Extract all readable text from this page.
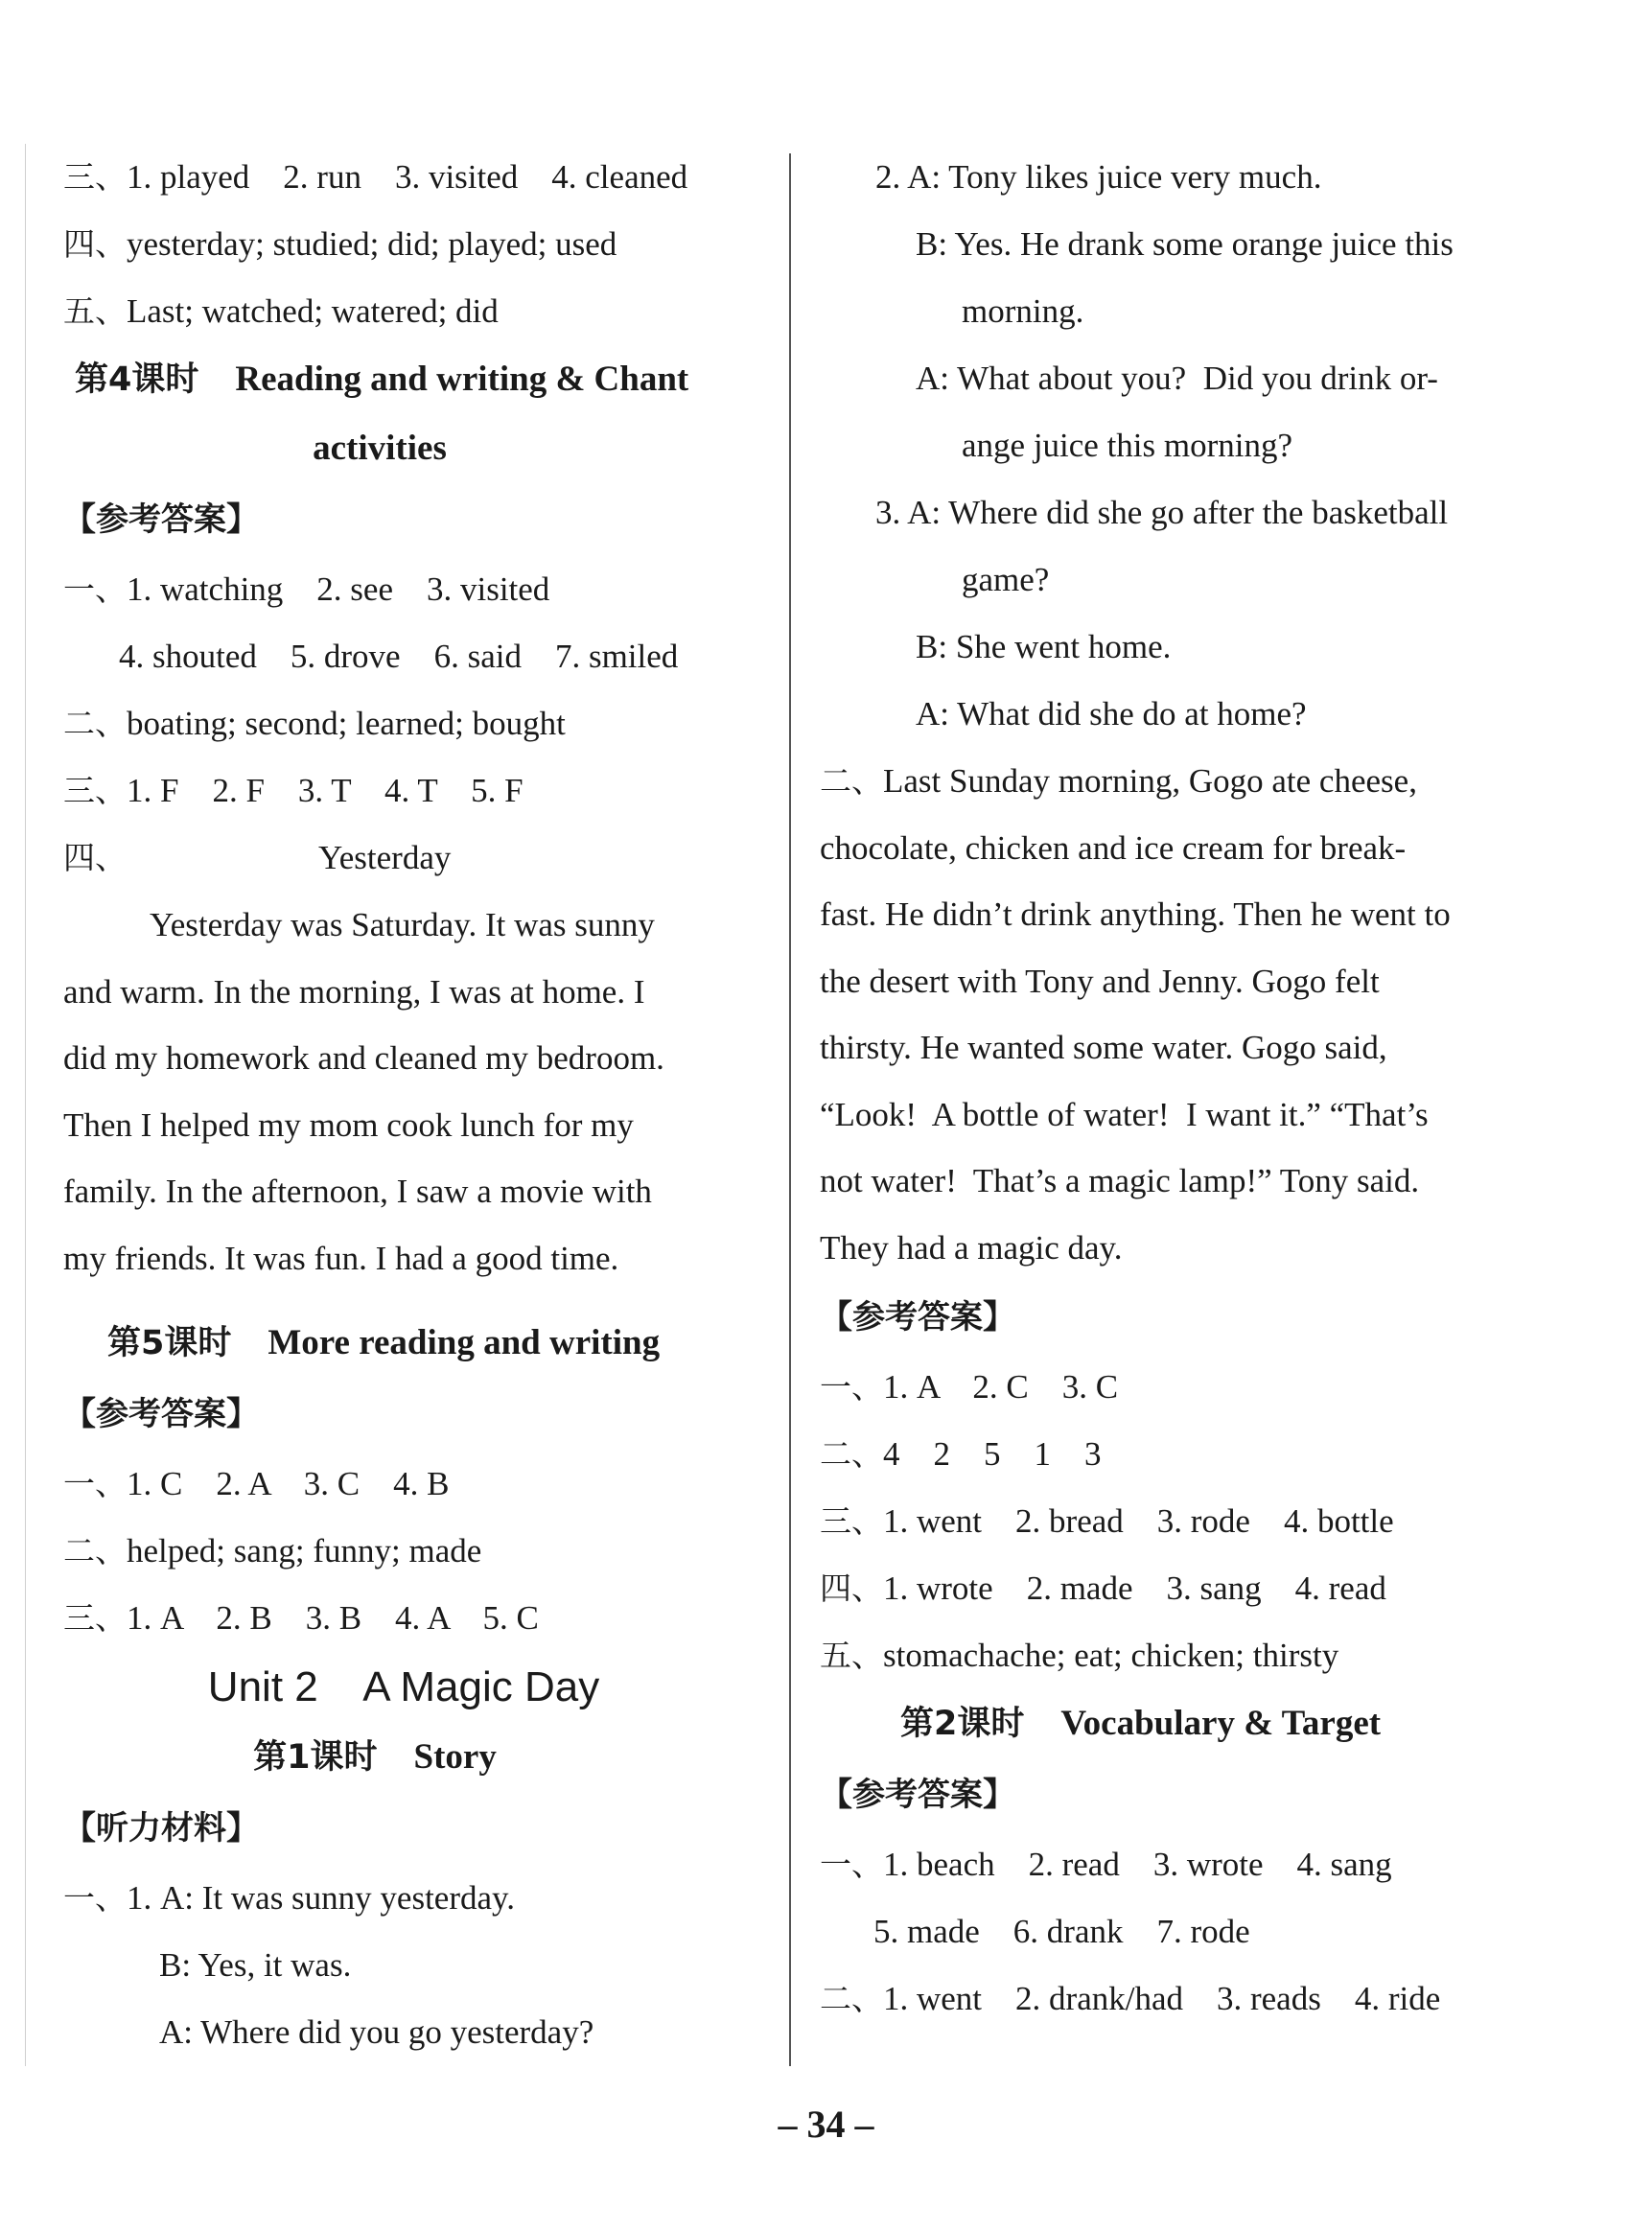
三、1. played    2. run    3. visited    4. cleaned
四、yesterday; studied; did; played; used
五、Last; watched; watered; did
第4课时 Reading and writing & Chant
activities
【参考答案】
一、1. watching    2. see    3. visited
4. shouted    5. drove    6. said    7. smiled
二、boating; second; learned; bought
三、1. F    2. F    3. T    4. T    5. F
四、	Yesterday
Yesterday was Saturday. It was sunny
and warm. In the morning, I was at home. I
did my homework and cleaned my bedroom.
Then I helped my mom cook lunch for my
family. In the afternoon, I saw a movie with
my friends. It was fun. I had a good time.
第5课时 More reading and writing
【参考答案】
一、1. C    2. A    3. C    4. B
二、helped; sang; funny; made
三、1. A    2. B    3. B    4. A    5. C
Unit 2    A Magic Day
第1课时 Story
【听力材料】
一、1. A: It was sunny yesterday.
B: Yes, it was.
A: Where did you go yesterday?
2. A: Tony likes juice very much.
B: Yes. He drank some orange juice this
morning.
A: What about you?  Did you drink or-
ange juice this morning?
3. A: Where did she go after the basketball
game?
B: She went home.
A: What did she do at home?
二、Last Sunday morning, Gogo ate cheese,
chocolate, chicken and ice cream for break-
fast. He didn’t drink anything. Then he went to
the desert with Tony and Jenny. Gogo felt
thirsty. He wanted some water. Gogo said,
“Look!  A bottle of water!  I want it.” “That’s
not water!  That’s a magic lamp!” Tony said.
They had a magic day.
【参考答案】
一、1. A    2. C    3. C
二、4    2    5    1    3
三、1. went    2. bread    3. rode    4. bottle
四、1. wrote    2. made    3. sang    4. read
五、stomachache; eat; chicken; thirsty
第2课时 Vocabulary & Target
【参考答案】
一、1. beach    2. read    3. wrote    4. sang
5. made    6. drank    7. rode
二、1. went    2. drank/had    3. reads    4. ride
– 34 –
